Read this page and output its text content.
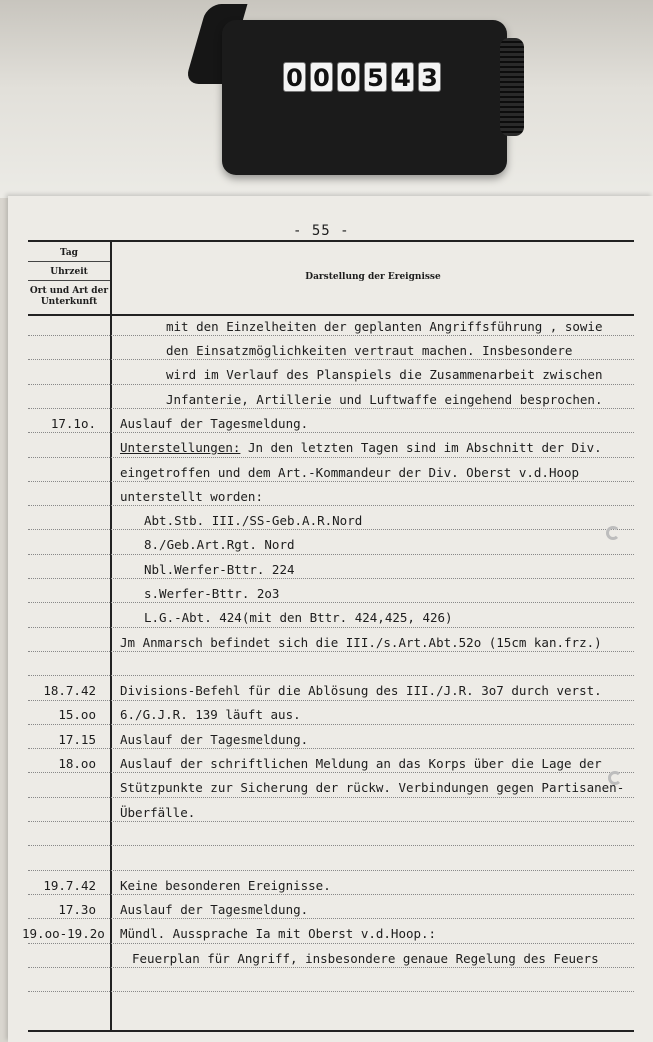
0 0 0 5 4 3
- 55 -
Tag
Uhrzeit
Ort und Art der Unterkunft
Darstellung der Ereignisse
mit den Einzelheiten der geplanten Angriffsführung , sowie
den Einsatzmöglichkeiten vertraut machen. Insbesondere
wird im Verlauf des Planspiels die Zusammenarbeit zwischen
Jnfanterie, Artillerie und Luftwaffe eingehend besprochen.
Auslauf der Tagesmeldung.
Unterstellungen: Jn den letzten Tagen sind im Abschnitt der Div.
eingetroffen und dem Art.-Kommandeur der Div. Oberst v.d.Hoop
unterstellt worden:
Abt.Stb. III./SS-Geb.A.R.Nord
8./Geb.Art.Rgt. Nord
Nbl.Werfer-Bttr. 224
s.Werfer-Bttr. 2o3
L.G.-Abt. 424(mit den Bttr. 424,425, 426)
Jm Anmarsch befindet sich die III./s.Art.Abt.52o (15cm kan.frz.)
Divisions-Befehl für die Ablösung des III./J.R. 3o7 durch verst.
6./G.J.R. 139 läuft aus.
Auslauf der Tagesmeldung.
Auslauf der schriftlichen Meldung an das Korps über die Lage der
Stützpunkte zur Sicherung der rückw. Verbindungen gegen Partisanen-
Überfälle.
Keine besonderen Ereignisse.
Auslauf der Tagesmeldung.
Mündl. Aussprache Ia mit Oberst v.d.Hoop.:
Feuerplan für Angriff, insbesondere genaue Regelung des Feuers
17.1o.
18.7.42
15.oo
17.15
18.oo
19.7.42
17.3o
19.oo-19.2o
